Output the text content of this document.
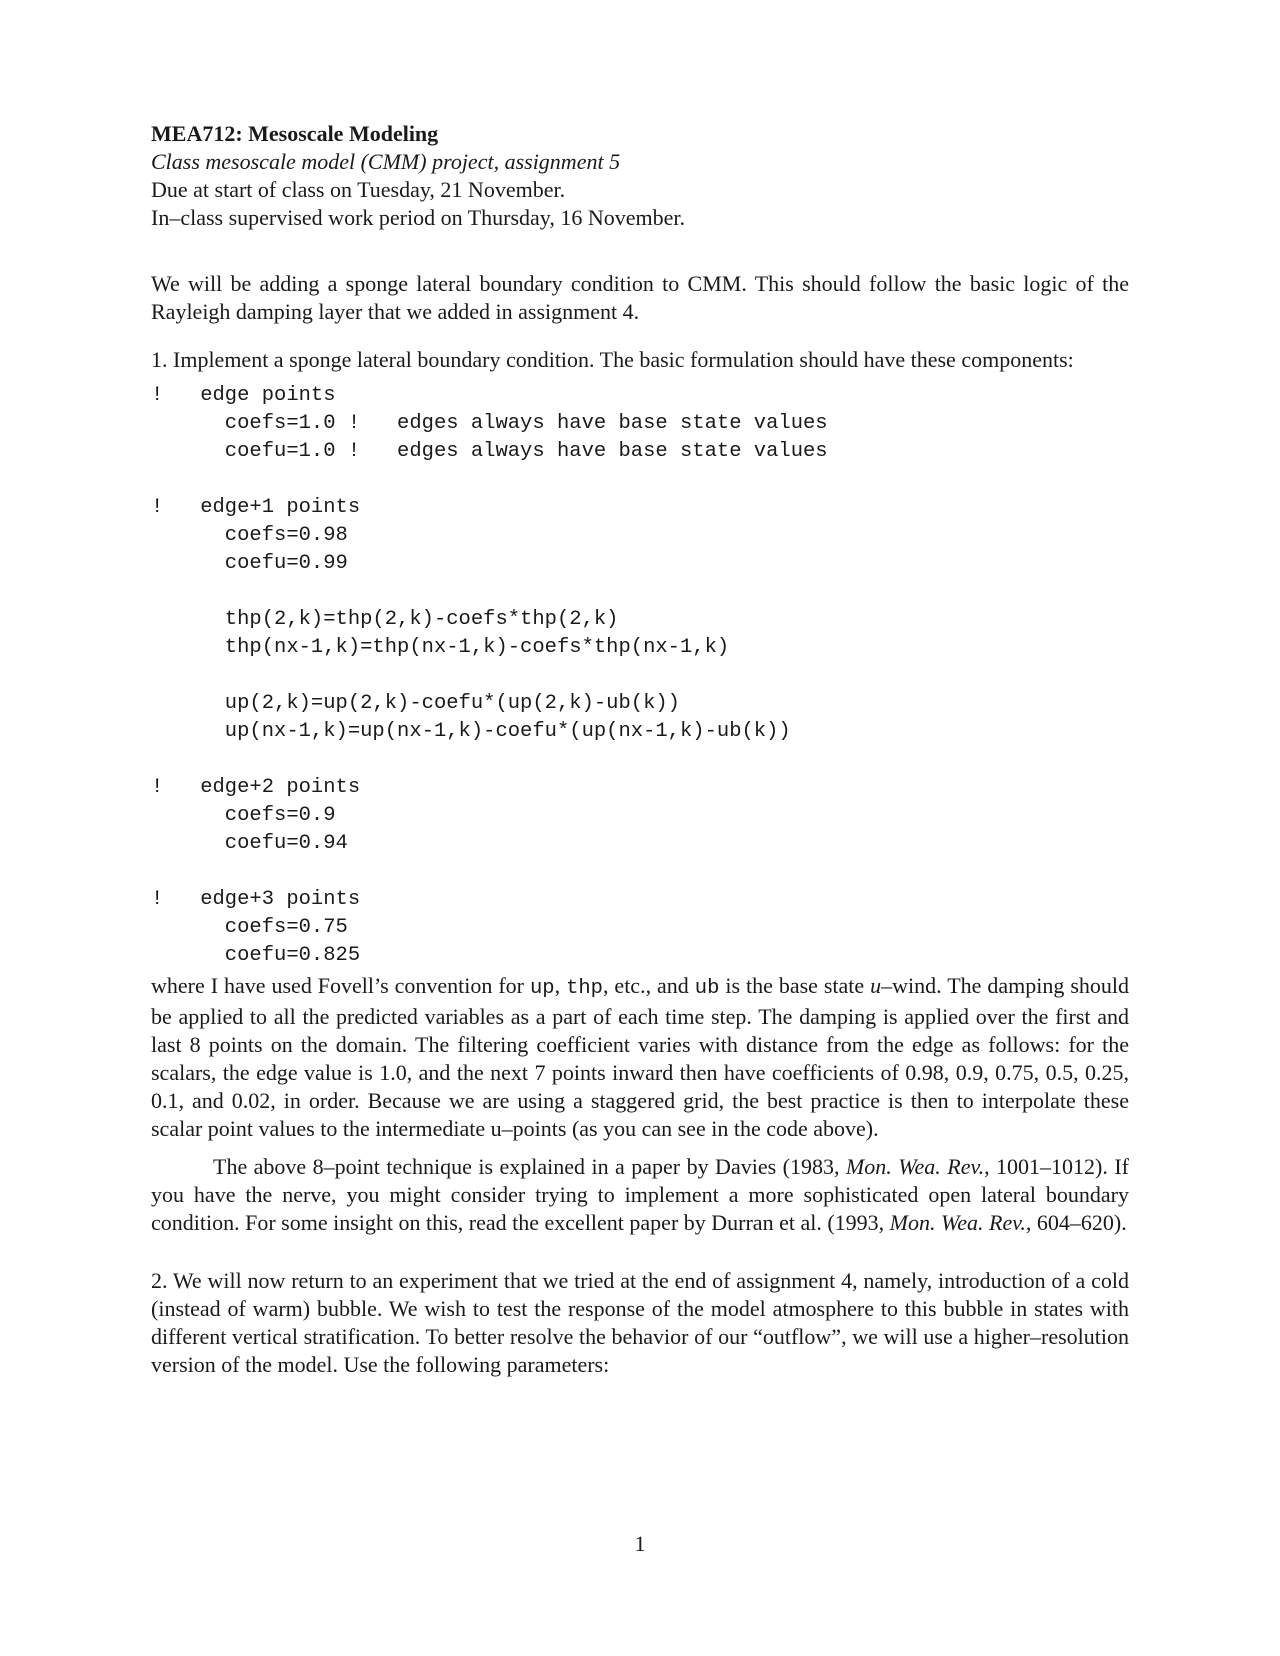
MEA712: Mesoscale Modeling
Class mesoscale model (CMM) project, assignment 5
Due at start of class on Tuesday, 21 November.
In–class supervised work period on Thursday, 16 November.

We will be adding a sponge lateral boundary condition to CMM. This should follow the basic logic of the Rayleigh damping layer that we added in assignment 4.

1. Implement a sponge lateral boundary condition. The basic formulation should have these components:

!   edge points
coefs=1.0 !   edges always have base state values
coefu=1.0 !   edges always have base state values
!   edge+1 points
coefs=0.98
coefu=0.99
thp(2,k)=thp(2,k)-coefs*thp(2,k)
thp(nx-1,k)=thp(nx-1,k)-coefs*thp(nx-1,k)
up(2,k)=up(2,k)-coefu*(up(2,k)-ub(k))
up(nx-1,k)=up(nx-1,k)-coefu*(up(nx-1,k)-ub(k))
!   edge+2 points
coefs=0.9
coefu=0.94
!   edge+3 points
coefs=0.75
coefu=0.825

where I have used Fovell’s convention for up, thp, etc., and ub is the base state u–wind. The damping should be applied to all the predicted variables as a part of each time step. The damping is applied over the first and last 8 points on the domain. The filtering coefficient varies with distance from the edge as follows: for the scalars, the edge value is 1.0, and the next 7 points inward then have coefficients of 0.98, 0.9, 0.75, 0.5, 0.25, 0.1, and 0.02, in order. Because we are using a staggered grid, the best practice is then to interpolate these scalar point values to the intermediate u–points (as you can see in the code above).

The above 8–point technique is explained in a paper by Davies (1983, Mon. Wea. Rev., 1001–1012). If you have the nerve, you might consider trying to implement a more sophisticated open lateral boundary condition. For some insight on this, read the excellent paper by Durran et al. (1993, Mon. Wea. Rev., 604–620).

2. We will now return to an experiment that we tried at the end of assignment 4, namely, introduction of a cold (instead of warm) bubble. We wish to test the response of the model atmosphere to this bubble in states with different vertical stratification. To better resolve the behavior of our “outflow”, we will use a higher–resolution version of the model. Use the following parameters:

1
